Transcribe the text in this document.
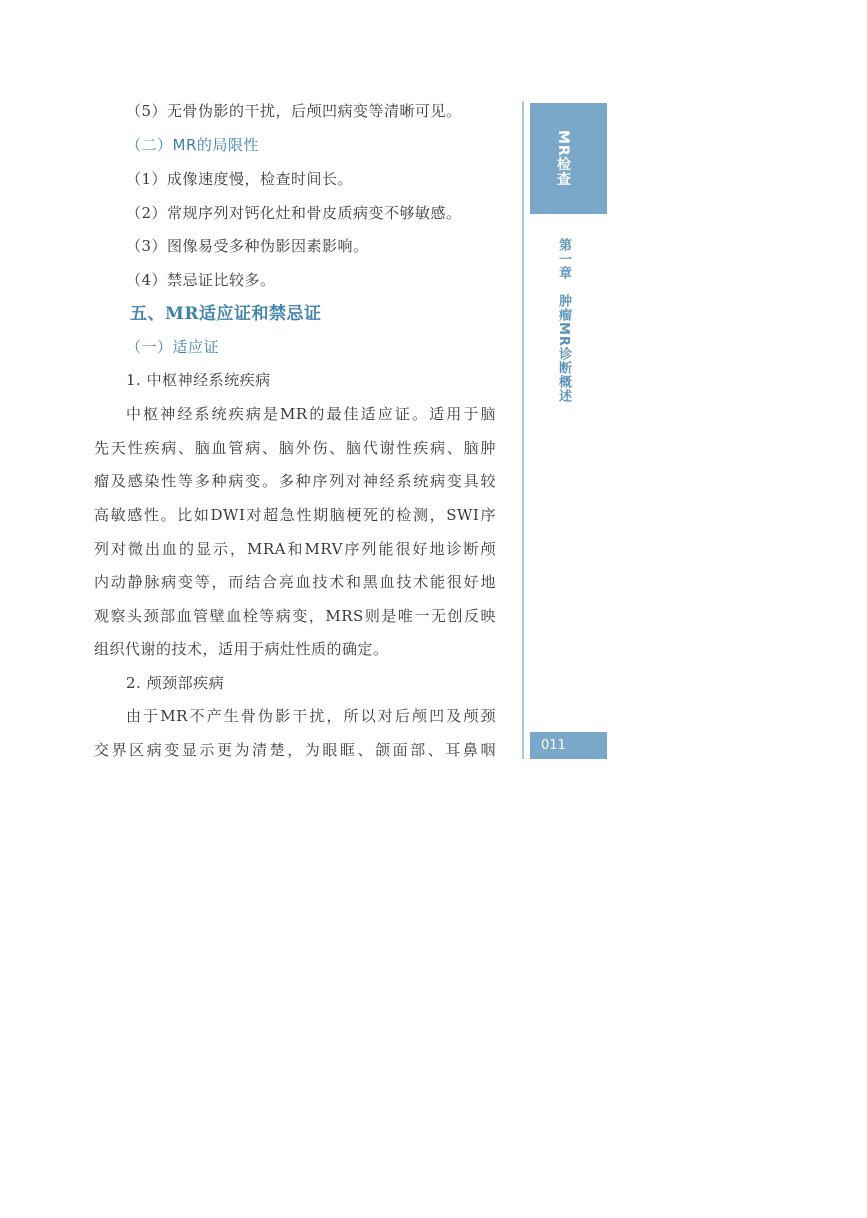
（5）无骨伪影的干扰，后颅凹病变等清晰可见。
（二）MR的局限性
（1）成像速度慢，检查时间长。
（2）常规序列对钙化灶和骨皮质病变不够敏感。
（3）图像易受多种伪影因素影响。
（4）禁忌证比较多。
五、MR适应证和禁忌证
（一）适应证
1. 中枢神经系统疾病
中枢神经系统疾病是MR的最佳适应证。适用于脑
先天性疾病、脑血管病、脑外伤、脑代谢性疾病、脑肿
瘤及感染性等多种病变。多种序列对神经系统病变具较
高敏感性。比如DWI对超急性期脑梗死的检测，SWI序
列对微出血的显示，MRA和MRV序列能很好地诊断颅
内动静脉病变等，而结合亮血技术和黑血技术能很好地
观察头颈部血管壁血栓等病变，MRS则是唯一无创反映
组织代谢的技术，适用于病灶性质的确定。
2. 颅颈部疾病
由于MR不产生骨伪影干扰，所以对后颅凹及颅颈
交界区病变显示更为清楚，为眼眶、颌面部、耳鼻咽
MR检查
第一章　肿瘤MR诊断概述
011
